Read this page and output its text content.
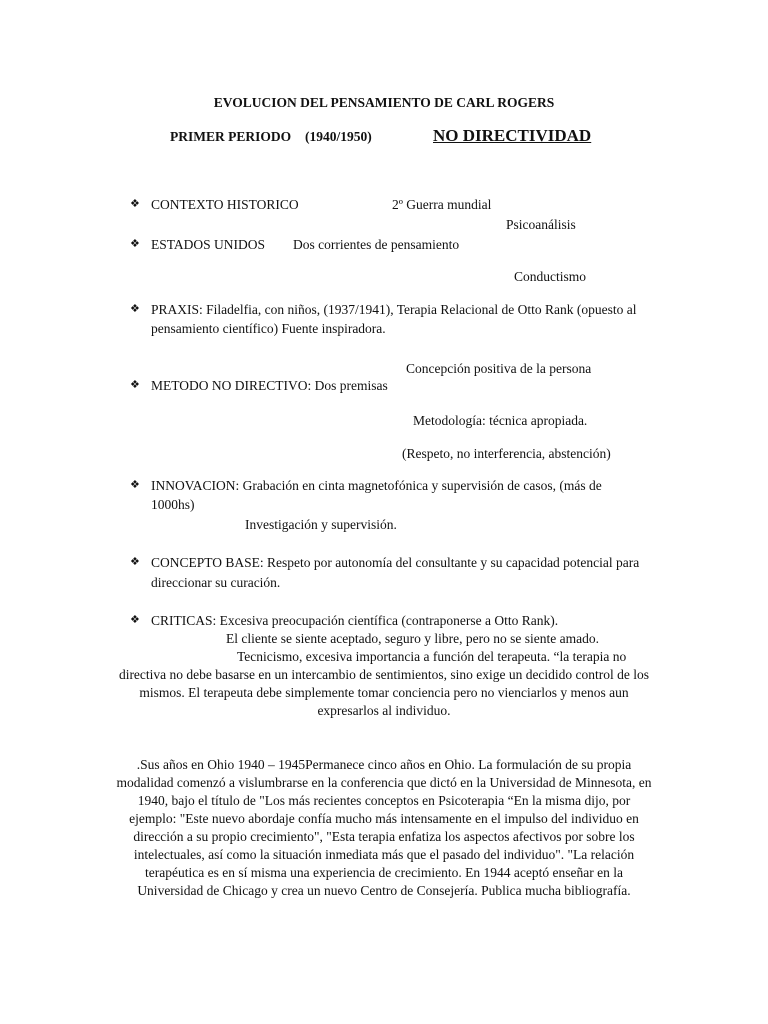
EVOLUCION DEL PENSAMIENTO DE CARL ROGERS
PRIMER PERIODO (1940/1950)	NO DIRECTIVIDAD
❖ CONTEXTO HISTORICO	2º Guerra mundial
Psicoanálisis
❖ ESTADOS UNIDOS Dos corrientes de pensamiento
Conductismo
❖ PRAXIS: Filadelfia, con niños, (1937/1941), Terapia Relacional de Otto Rank (opuesto al
pensamiento científico) Fuente inspiradora.
Concepción positiva de la persona
❖ METODO NO DIRECTIVO: Dos premisas
Metodología: técnica apropiada.
(Respeto, no interferencia, abstención)
❖ INNOVACION: Grabación en cinta magnetofónica y supervisión de casos, (más de
1000hs)
Investigación y supervisión.
❖ CONCEPTO BASE: Respeto por autonomía del consultante y su capacidad potencial para
direccionar su curación.
❖ CRITICAS: Excesiva preocupación científica (contraponerse a Otto Rank).
El cliente se siente aceptado, seguro y libre, pero no se siente amado.
Tecnicismo, excesiva importancia a función del terapeuta. “la terapia no
directiva no debe basarse en un intercambio de sentimientos, sino exige un decidido control de los
mismos. El terapeuta debe simplemente tomar conciencia pero no vienciarlos y menos aun
expresarlos al individuo.
.Sus años en Ohio 1940 – 1945Permanece cinco años en Ohio. La formulación de su propia
modalidad comenzó a vislumbrarse en la conferencia que dictó en la Universidad de Minnesota, en
1940, bajo el título de "Los más recientes conceptos en Psicoterapia “En la misma dijo, por
ejemplo: "Este nuevo abordaje confía mucho más intensamente en el impulso del individuo en
dirección a su propio crecimiento", "Esta terapia enfatiza los aspectos afectivos por sobre los
intelectuales, así como la situación inmediata más que el pasado del individuo". "La relación
terapéutica es en sí misma una experiencia de crecimiento. En 1944 aceptó enseñar en la
Universidad de Chicago y crea un nuevo Centro de Consejería. Publica mucha bibliografía.
